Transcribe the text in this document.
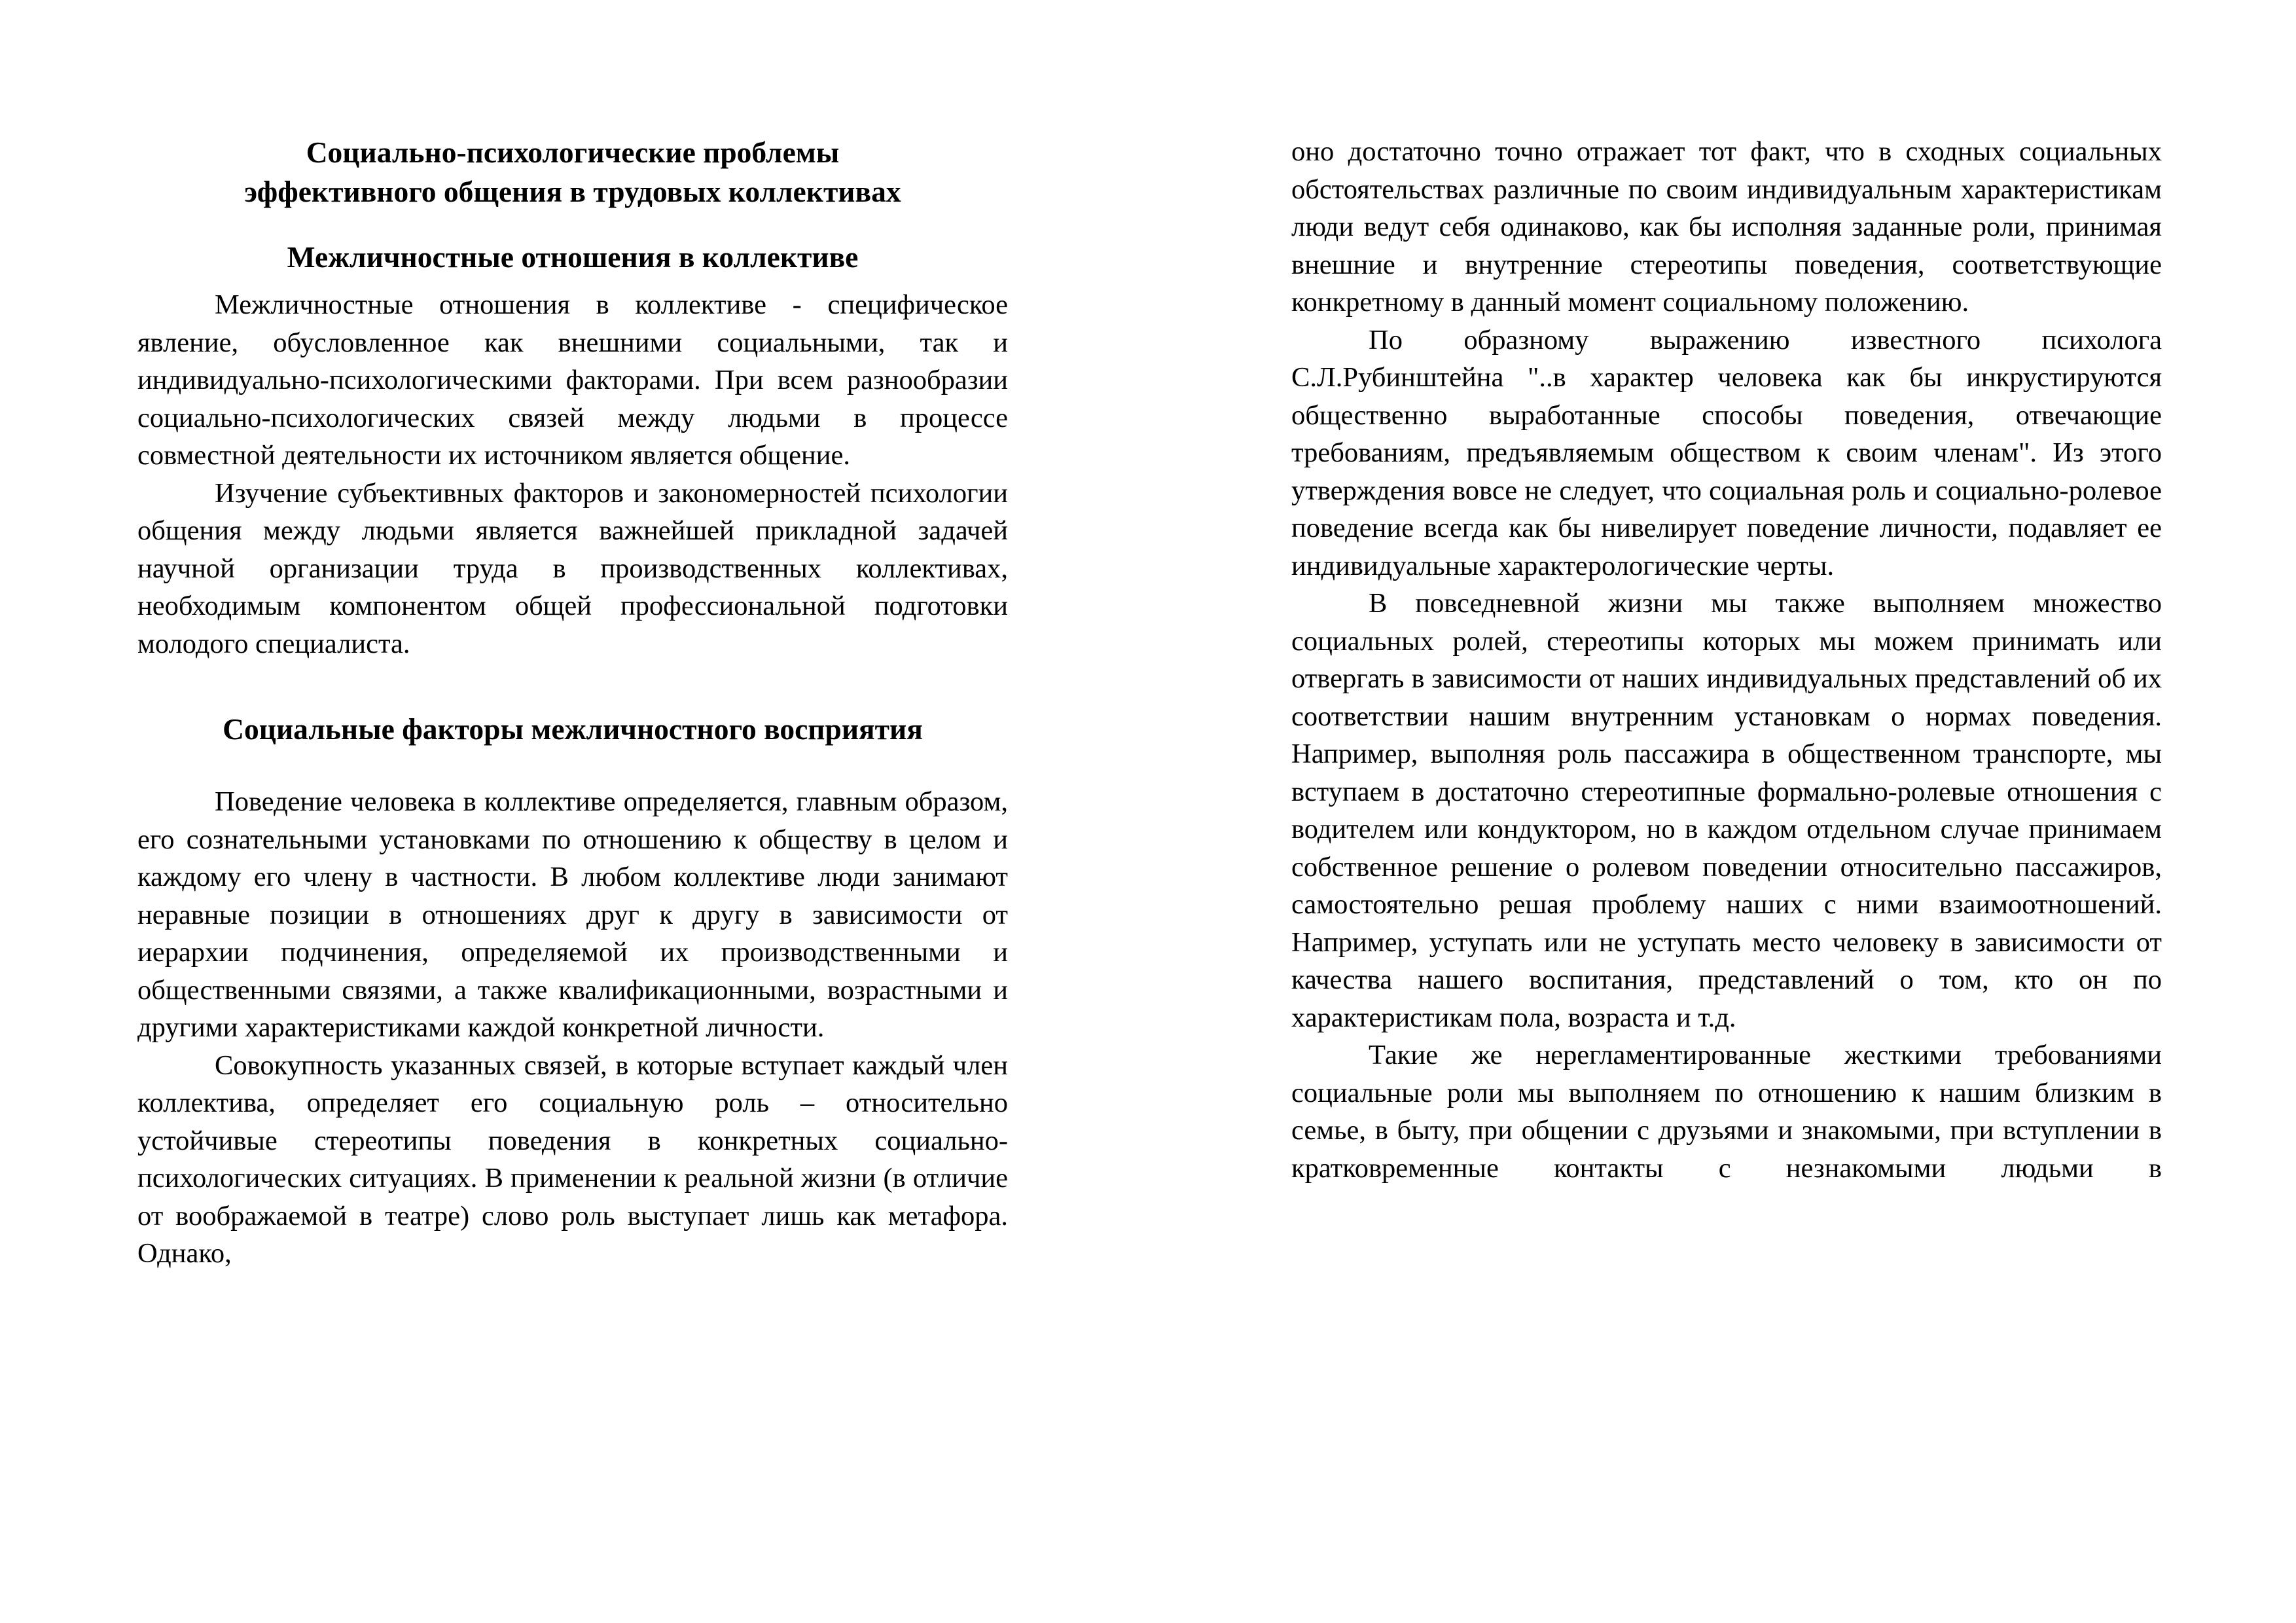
Социально-психологические проблемы
эффективного общения в трудовых коллективах

Межличностные отношения в коллективе

Межличностные отношения в коллективе - специфическое явление, обусловленное как внешними социальными, так и индивидуально-психологическими факторами. При всем разнообразии социально-психологических связей между людьми в процессе совместной деятельности их источником является общение.

Изучение субъективных факторов и закономерностей психологии общения между людьми является важнейшей прикладной задачей научной организации труда в производственных коллективах, необходимым компонентом общей профессиональной подготовки молодого специалиста.

Социальные факторы межличностного восприятия

Поведение человека в коллективе определяется, главным образом, его сознательными установками по отношению к обществу в целом и каждому его члену в частности. В любом коллективе люди занимают неравные позиции в отношениях друг к другу в зависимости от иерархии подчинения, определяемой их производственными и общественными связями, а также квалификационными, возрастными и другими характеристиками каждой конкретной личности.

Совокупность указанных связей, в которые вступает каждый член коллектива, определяет его социальную роль – относительно устойчивые стереотипы поведения в конкретных социально-психологических ситуациях. В применении к реальной жизни (в отличие от воображаемой в театре) слово роль выступает лишь как метафора. Однако,

оно достаточно точно отражает тот факт, что в сходных социальных обстоятельствах различные по своим индивидуальным характеристикам люди ведут себя одинаково, как бы исполняя заданные роли, принимая внешние и внутренние стереотипы поведения, соответствующие конкретному в данный момент социальному положению.

По образному выражению известного психолога С.Л.Рубинштейна "..в характер человека как бы инкрустируются общественно выработанные способы поведения, отвечающие требованиям, предъявляемым обществом к своим членам". Из этого утверждения вовсе не следует, что социальная роль и социально-ролевое поведение всегда как бы нивелирует поведение личности, подавляет ее индивидуальные характерологические черты.

В повседневной жизни мы также выполняем множество социальных ролей, стереотипы которых мы можем принимать или отвергать в зависимости от наших индивидуальных представлений об их соответствии нашим внутренним установкам о нормах поведения. Например, выполняя роль пассажира в общественном транспорте, мы вступаем в достаточно стереотипные формально-ролевые отношения с водителем или кондуктором, но в каждом отдельном случае принимаем собственное решение о ролевом поведении относительно пассажиров, самостоятельно решая проблему наших с ними взаимоотношений. Например, уступать или не уступать место человеку в зависимости от качества нашего воспитания, представлений о том, кто он по характеристикам пола, возраста и т.д.

Такие же нерегламентированные жесткими требованиями социальные роли мы выполняем по отношению к нашим близким в семье, в быту, при общении с друзьями и знакомыми, при вступлении в кратковременные контакты с незнакомыми людьми в
